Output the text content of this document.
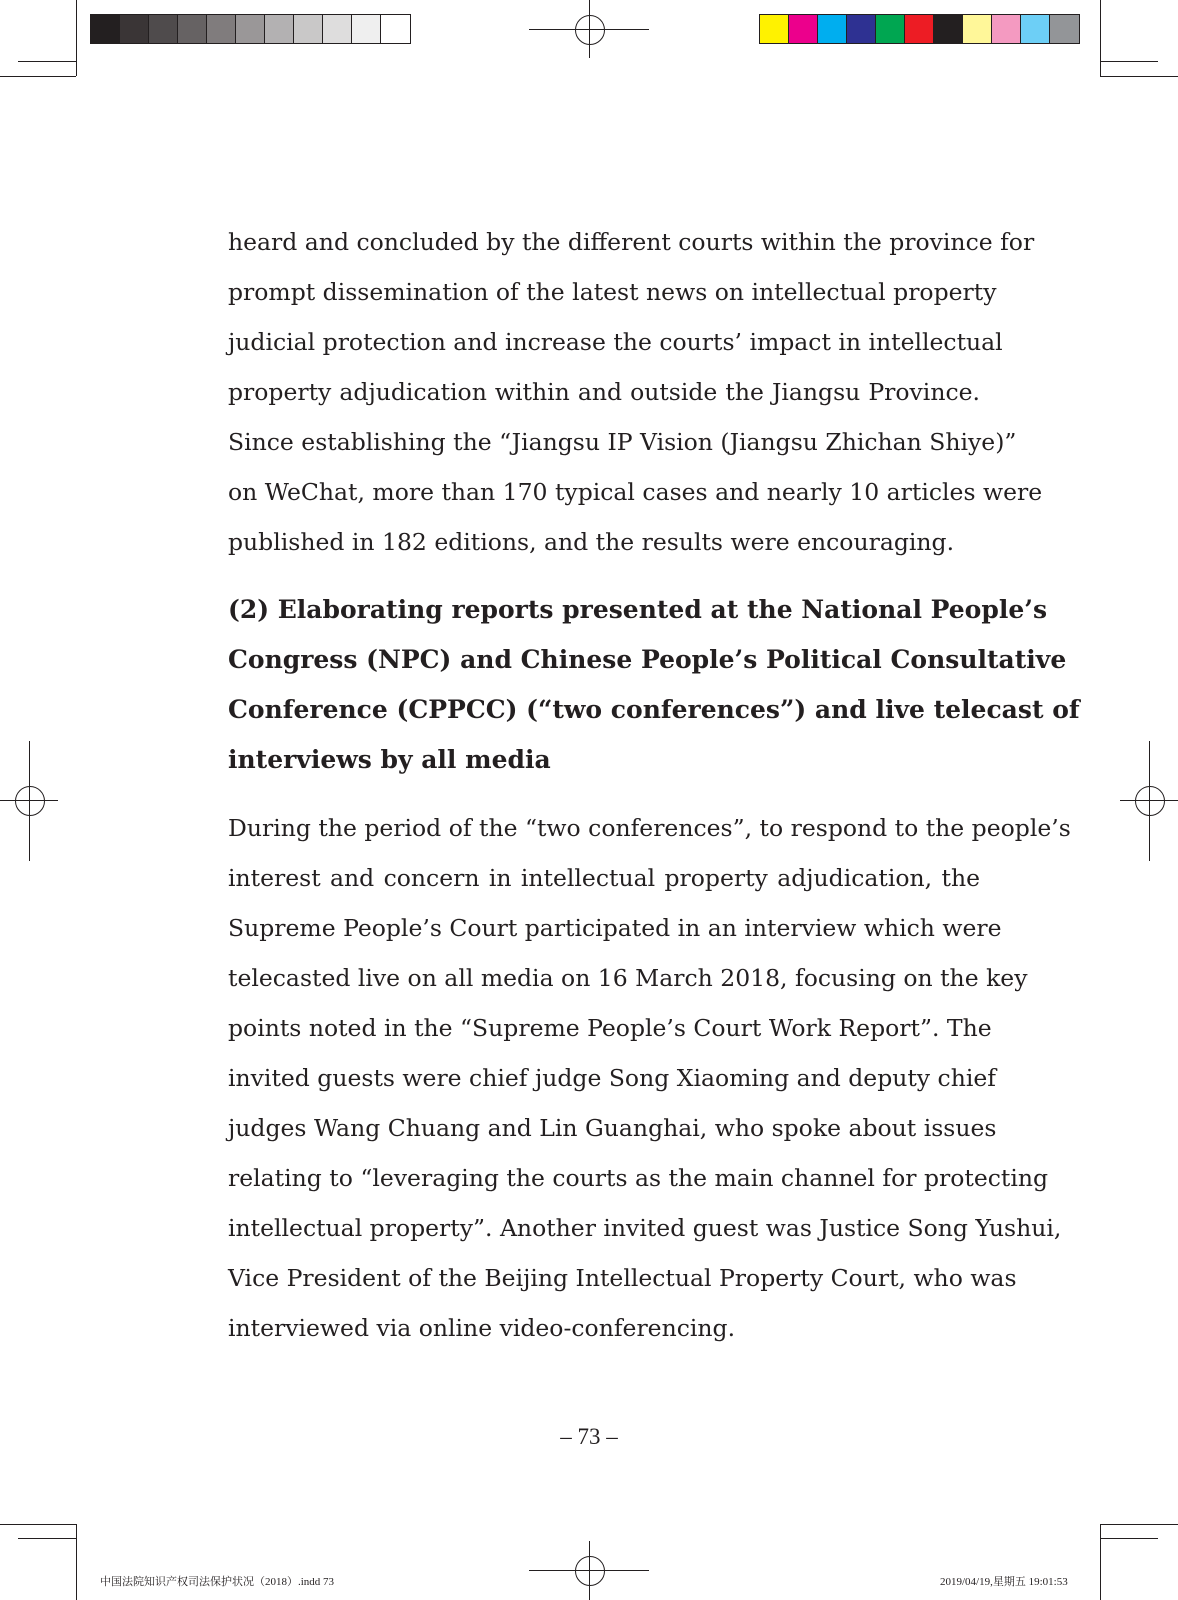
heard and concluded by the different courts within the province for
prompt dissemination of the latest news on intellectual property
judicial protection and increase the courts’ impact in intellectual
property adjudication within and outside the Jiangsu Province.
Since establishing the “Jiangsu IP Vision (Jiangsu Zhichan Shiye)”
on WeChat, more than 170 typical cases and nearly 10 articles were
published in 182 editions, and the results were encouraging.
(2) Elaborating reports presented at the National People’s
Congress (NPC) and Chinese People’s Political Consultative
Conference (CPPCC) (“two conferences”) and live telecast of
interviews by all media
During the period of the “two conferences”, to respond to the people’s
interest and concern in intellectual property adjudication, the
Supreme People’s Court participated in an interview which were
telecasted live on all media on 16 March 2018, focusing on the key
points noted in the “Supreme People’s Court Work Report”. The
invited guests were chief judge Song Xiaoming and deputy chief
judges Wang Chuang and Lin Guanghai, who spoke about issues
relating to “leveraging the courts as the main channel for protecting
intellectual property”. Another invited guest was Justice Song Yushui,
Vice President of the Beijing Intellectual Property Court, who was
interviewed via online video-conferencing.
– 73 –
中国法院知识产权司法保护状况（2018）.indd 73	2019/04/19,星期五 19:01:53
